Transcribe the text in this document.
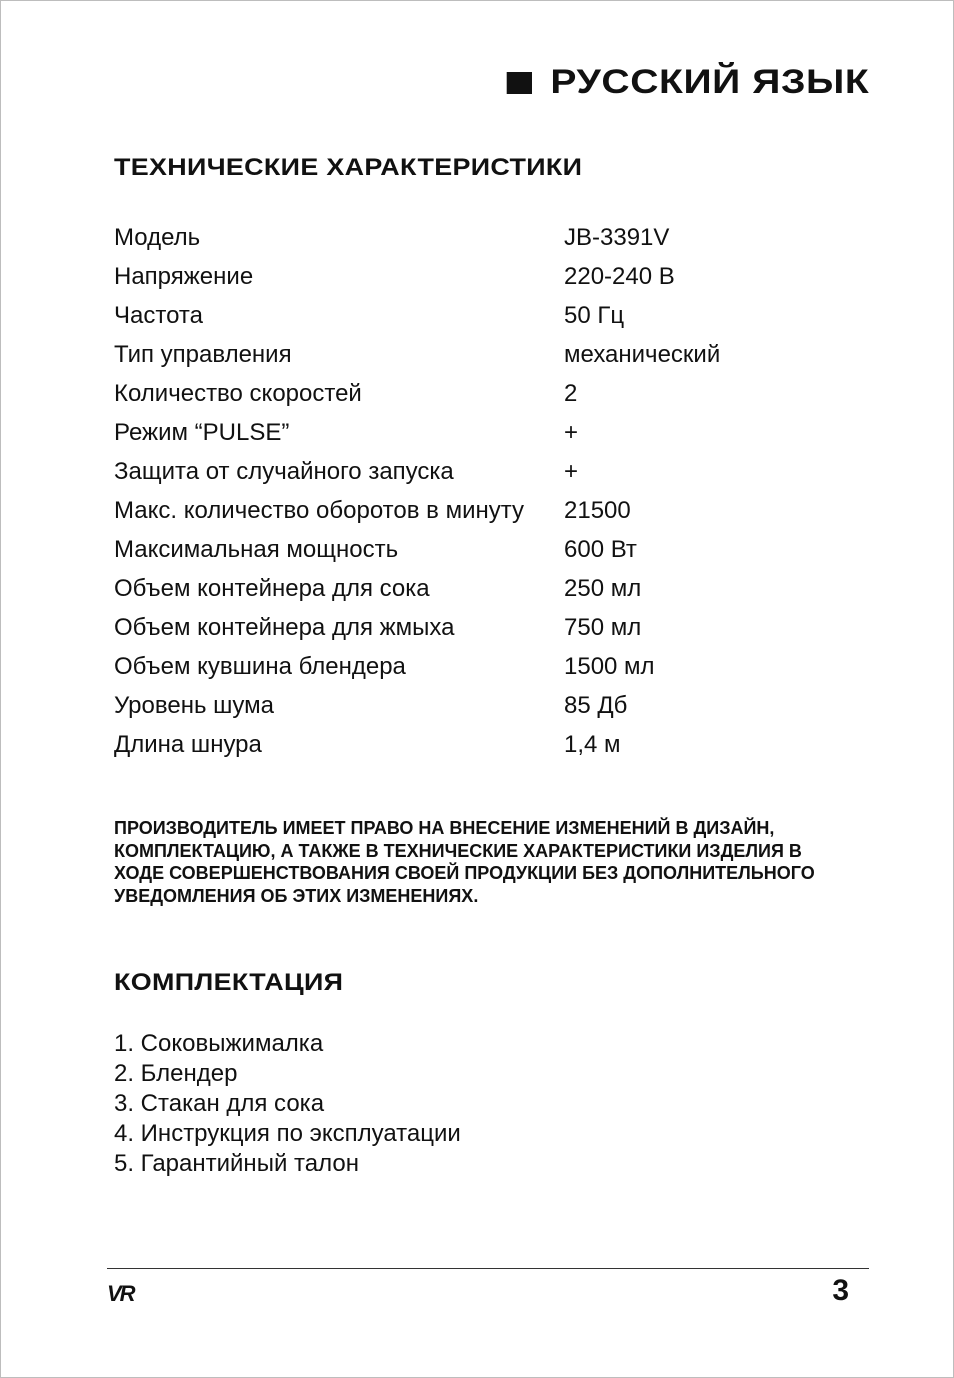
РУССКИЙ ЯЗЫК
ТЕХНИЧЕСКИЕ ХАРАКТЕРИСТИКИ
Модель	JB-3391V
Напряжение	220-240 В
Частота	50 Гц
Тип управления	механический
Количество скоростей	2
Режим “PULSE”	+
Защита от случайного запуска	+
Макс. количество оборотов в минуту	21500
Максимальная мощность	600 Вт
Объем контейнера для сока	250 мл
Объем контейнера для жмыха	750 мл
Объем кувшина блендера	1500 мл
Уровень шума	85 Дб
Длина шнура	1,4 м
ПРОИЗВОДИТЕЛЬ ИМЕЕТ ПРАВО НА ВНЕСЕНИЕ ИЗМЕНЕНИЙ В ДИЗАЙН,
КОМПЛЕКТАЦИЮ, А ТАКЖЕ В ТЕХНИЧЕСКИЕ ХАРАКТЕРИСТИКИ ИЗДЕЛИЯ В
ХОДЕ СОВЕРШЕНСТВОВАНИЯ СВОЕЙ ПРОДУКЦИИ БЕЗ ДОПОЛНИТЕЛЬНОГО
УВЕДОМЛЕНИЯ ОБ ЭТИХ ИЗМЕНЕНИЯХ.
КОМПЛЕКТАЦИЯ
1. Соковыжималка
2. Блендер
3. Стакан для сока
4. Инструкция по эксплуатации
5. Гарантийный талон
VR	3
